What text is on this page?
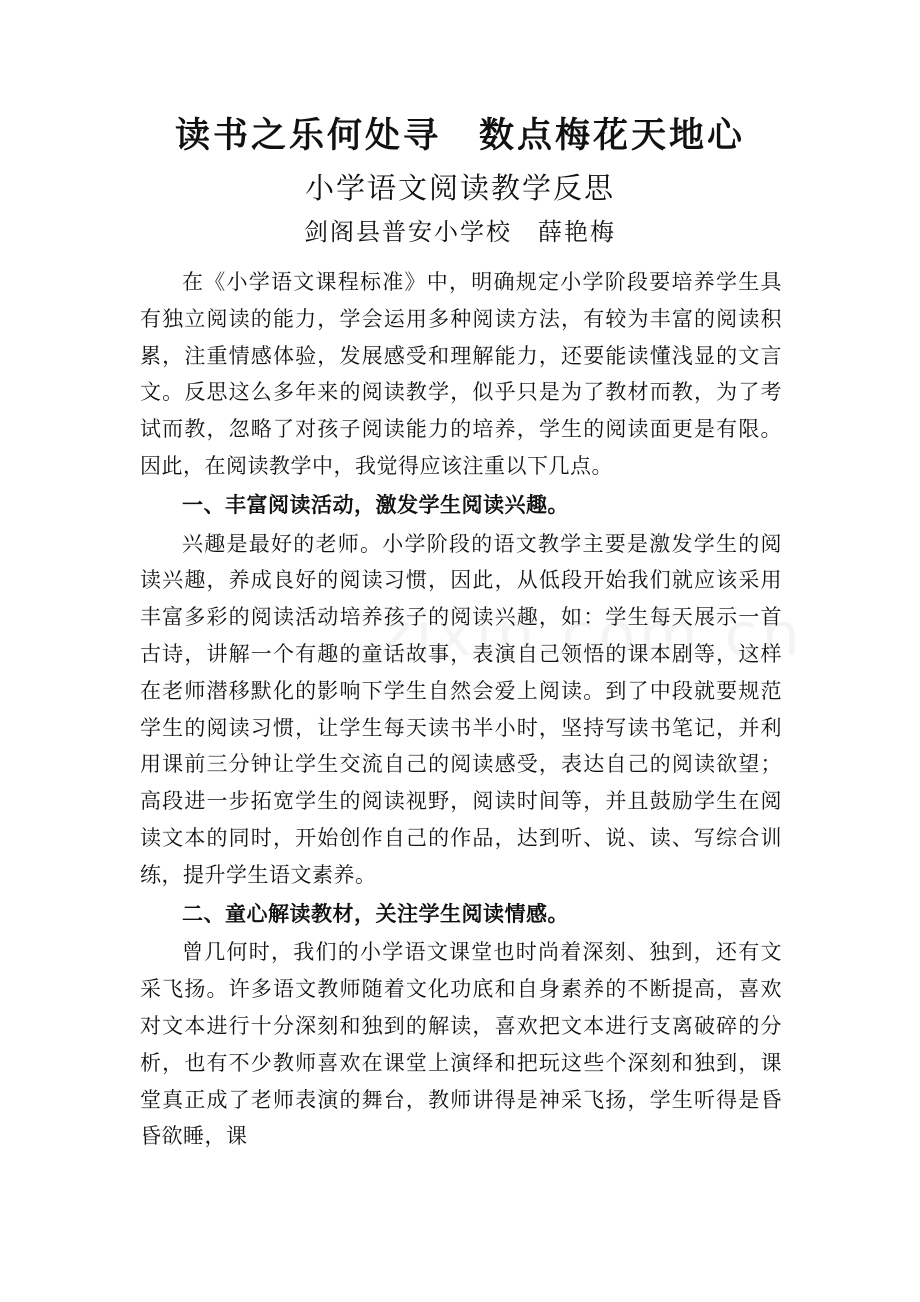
读书之乐何处寻　数点梅花天地心
小学语文阅读教学反思
剑阁县普安小学校　薛艳梅

在《小学语文课程标准》中，明确规定小学阶段要培养学生具有独立阅读的能力，学会运用多种阅读方法，有较为丰富的阅读积累，注重情感体验，发展感受和理解能力，还要能读懂浅显的文言文。反思这么多年来的阅读教学，似乎只是为了教材而教，为了考试而教，忽略了对孩子阅读能力的培养，学生的阅读面更是有限。因此，在阅读教学中，我觉得应该注重以下几点。

一、丰富阅读活动，激发学生阅读兴趣。

兴趣是最好的老师。小学阶段的语文教学主要是激发学生的阅读兴趣，养成良好的阅读习惯，因此，从低段开始我们就应该采用丰富多彩的阅读活动培养孩子的阅读兴趣，如：学生每天展示一首古诗，讲解一个有趣的童话故事，表演自己领悟的课本剧等，这样在老师潜移默化的影响下学生自然会爱上阅读。到了中段就要规范学生的阅读习惯，让学生每天读书半小时，坚持写读书笔记，并利用课前三分钟让学生交流自己的阅读感受，表达自己的阅读欲望；高段进一步拓宽学生的阅读视野，阅读时间等，并且鼓励学生在阅读文本的同时，开始创作自己的作品，达到听、说、读、写综合训练，提升学生语文素养。

二、童心解读教材，关注学生阅读情感。

曾几何时，我们的小学语文课堂也时尚着深刻、独到，还有文采飞扬。许多语文教师随着文化功底和自身素养的不断提高，喜欢对文本进行十分深刻和独到的解读，喜欢把文本进行支离破碎的分析，也有不少教师喜欢在课堂上演绎和把玩这些个深刻和独到，课堂真正成了老师表演的舞台，教师讲得是神采飞扬，学生听得是昏昏欲睡，课
